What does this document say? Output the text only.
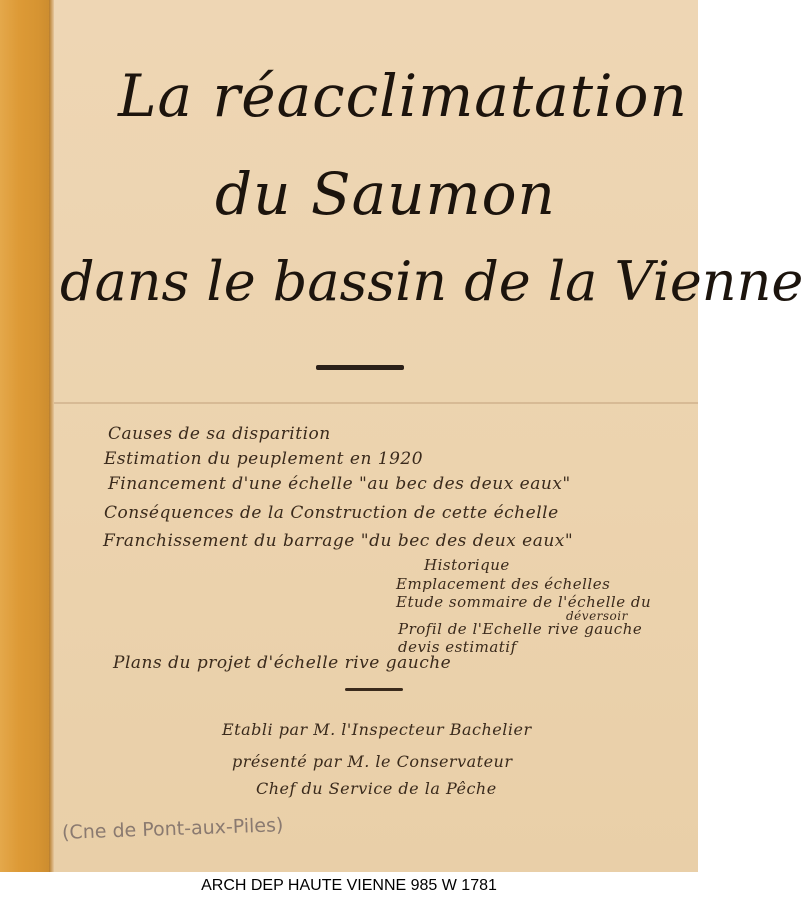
La réacclimatation

du Saumon

dans le bassin de la Vienne

Causes de sa disparition

Estimation du peuplement en 1920

Financement d'une échelle "au bec des deux eaux"

Conséquences de la Construction de cette échelle

Franchissement du barrage "du bec des deux eaux"

Historique

Emplacement des échelles

Etude sommaire de l'échelle du

déversoir

Profil de l'Echelle rive gauche

devis estimatif

Plans du projet d'échelle rive gauche

Etabli par M. l'Inspecteur Bachelier

présenté par M. le Conservateur

Chef du Service de la Pêche

(Cne de Pont-aux-Piles)

ARCH DEP HAUTE VIENNE 985 W 1781
